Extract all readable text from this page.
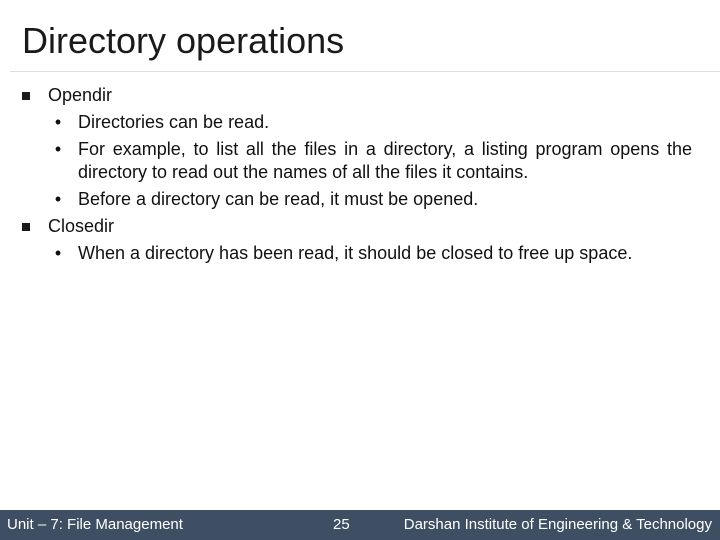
Directory operations
Opendir
• Directories can be read.
• For example, to list all the files in a directory, a listing program opens the directory to read out the names of all the files it contains.
• Before a directory can be read, it must be opened.
Closedir
• When a directory has been read, it should be closed to free up space.
Unit – 7: File Management	25	Darshan Institute of Engineering & Technology
